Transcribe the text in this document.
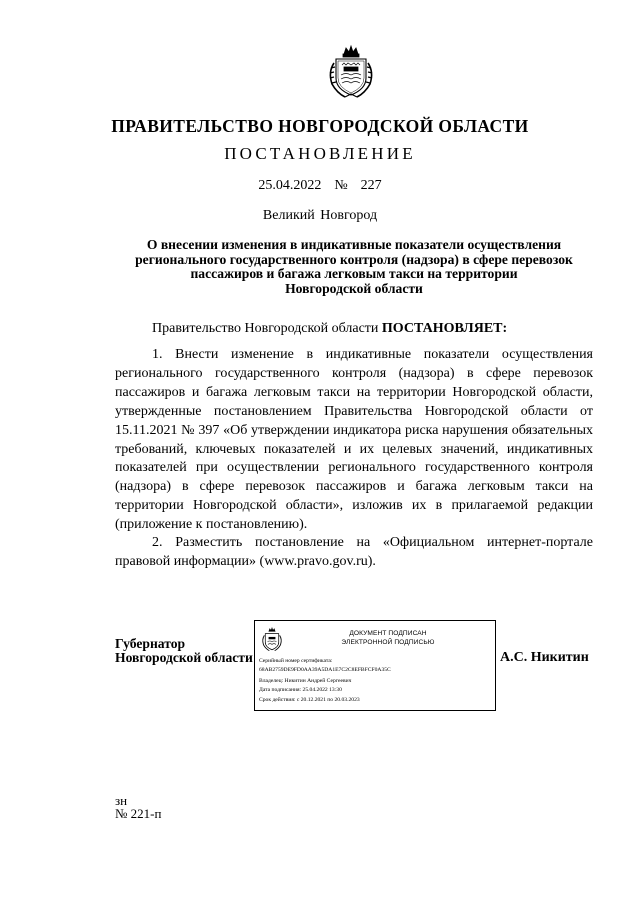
ПРАВИТЕЛЬСТВО НОВГОРОДСКОЙ ОБЛАСТИ
ПОСТАНОВЛЕНИЕ
25.04.2022 № 227
Великий Новгород
О внесении изменения в индикативные показатели осуществления
регионального государственного контроля (надзора) в сфере перевозок
пассажиров и багажа легковым такси на территории
Новгородской области
Правительство Новгородской области ПОСТАНОВЛЯЕТ:
1. Внести изменение в индикативные показатели осуществления регионального государственного контроля (надзора) в сфере перевозок пассажиров и багажа легковым такси на территории Новгородской области, утвержденные постановлением Правительства Новгородской области от 15.11.2021 № 397 «Об утверждении индикатора риска нарушения обязательных требований, ключевых показателей и их целевых значений, индикативных показателей при осуществлении регионального государственного контроля (надзора) в сфере перевозок пассажиров и багажа легковым такси на территории Новгородской области», изложив их в прилагаемой редакции (приложение к постановлению).
2. Разместить постановление на «Официальном интернет-портале правовой информации» (www.pravo.gov.ru).
Губернатор
Новгородской области
ДОКУМЕНТ ПОДПИСАН
ЭЛЕКТРОННОЙ ПОДПИСЬЮ
Серийный номер сертификата:
68AB2759DE9FD0AA39A5DA1E7C2C8EFBFCF0A35C
Владелец: Никитин Андрей Сергеевич
Дата подписания: 25.04.2022 13:30
Срок действия: с 20.12.2021 по 20.03.2023
А.С. Никитин
зн
№ 221-п
